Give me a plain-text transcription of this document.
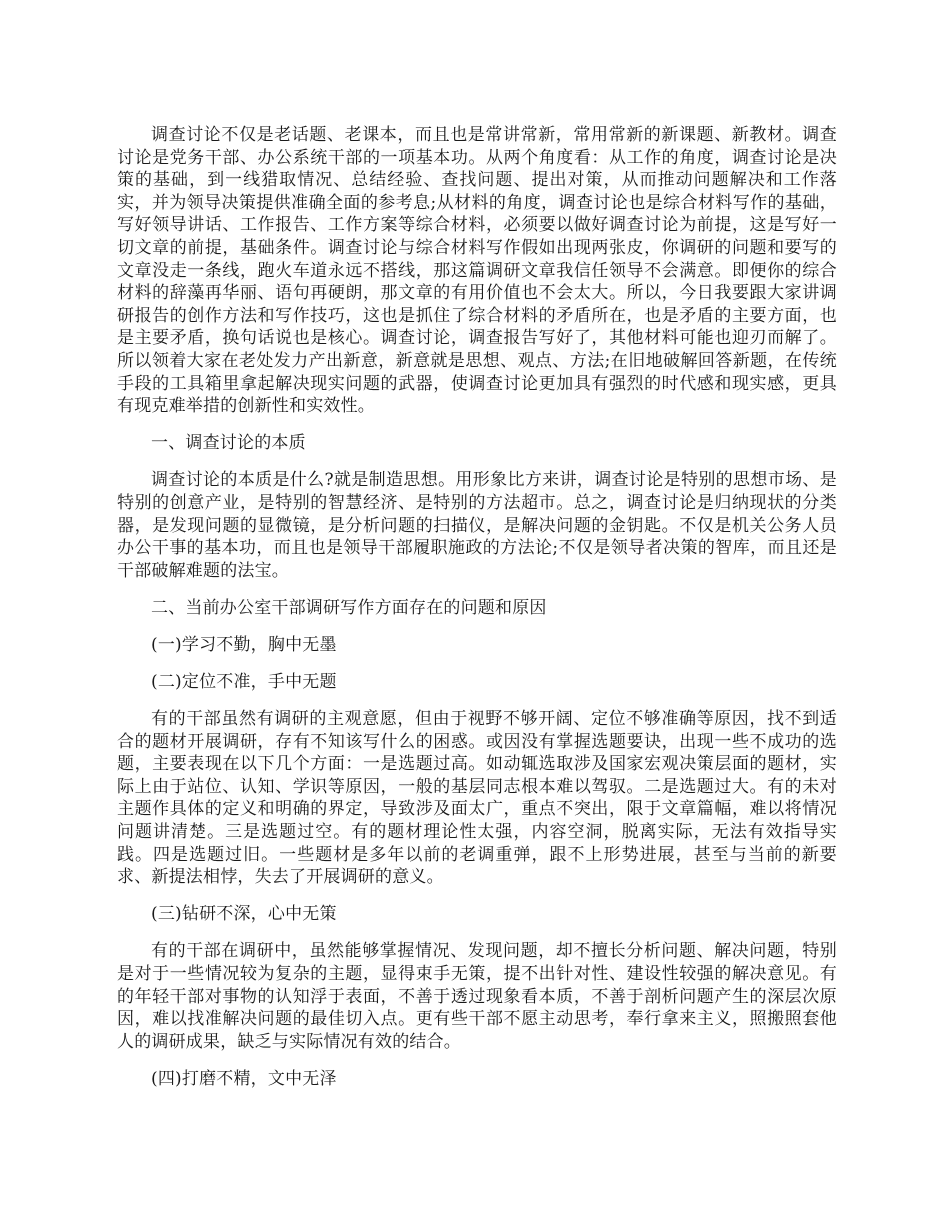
调查讨论不仅是老话题、老课本，而且也是常讲常新，常用常新的新课题、新教材。调查讨论是党务干部、办公系统干部的一项基本功。从两个角度看：从工作的角度，调查讨论是决策的基础，到一线猎取情况、总结经验、查找问题、提出对策，从而推动问题解决和工作落实，并为领导决策提供准确全面的参考息;从材料的角度，调查讨论也是综合材料写作的基础，写好领导讲话、工作报告、工作方案等综合材料，必须要以做好调查讨论为前提，这是写好一切文章的前提，基础条件。调查讨论与综合材料写作假如出现两张皮，你调研的问题和要写的文章没走一条线，跑火车道永远不搭线，那这篇调研文章我信任领导不会满意。即便你的综合材料的辞藻再华丽、语句再硬朗，那文章的有用价值也不会太大。所以，今日我要跟大家讲调研报告的创作方法和写作技巧，这也是抓住了综合材料的矛盾所在，也是矛盾的主要方面，也是主要矛盾，换句话说也是核心。调查讨论，调查报告写好了，其他材料可能也迎刃而解了。所以领着大家在老处发力产出新意，新意就是思想、观点、方法;在旧地破解回答新题，在传统手段的工具箱里拿起解决现实问题的武器，使调查讨论更加具有强烈的时代感和现实感，更具有现克难举措的创新性和实效性。

一、调查讨论的本质

调查讨论的本质是什么?就是制造思想。用形象比方来讲，调查讨论是特别的思想市场、是特别的创意产业，是特别的智慧经济、是特别的方法超市。总之，调查讨论是归纳现状的分类器，是发现问题的显微镜，是分析问题的扫描仪，是解决问题的金钥匙。不仅是机关公务人员办公干事的基本功，而且也是领导干部履职施政的方法论;不仅是领导者决策的智库，而且还是干部破解难题的法宝。

二、当前办公室干部调研写作方面存在的问题和原因

(一)学习不勤，胸中无墨

(二)定位不准，手中无题

有的干部虽然有调研的主观意愿，但由于视野不够开阔、定位不够准确等原因，找不到适合的题材开展调研，存有不知该写什么的困惑。或因没有掌握选题要诀，出现一些不成功的选题，主要表现在以下几个方面：一是选题过高。如动辄选取涉及国家宏观决策层面的题材，实际上由于站位、认知、学识等原因，一般的基层同志根本难以驾驭。二是选题过大。有的未对主题作具体的定义和明确的界定，导致涉及面太广，重点不突出，限于文章篇幅，难以将情况问题讲清楚。三是选题过空。有的题材理论性太强，内容空洞，脱离实际，无法有效指导实践。四是选题过旧。一些题材是多年以前的老调重弹，跟不上形势进展，甚至与当前的新要求、新提法相悖，失去了开展调研的意义。

(三)钻研不深，心中无策

有的干部在调研中，虽然能够掌握情况、发现问题，却不擅长分析问题、解决问题，特别是对于一些情况较为复杂的主题，显得束手无策，提不出针对性、建设性较强的解决意见。有的年轻干部对事物的认知浮于表面，不善于透过现象看本质，不善于剖析问题产生的深层次原因，难以找准解决问题的最佳切入点。更有些干部不愿主动思考，奉行拿来主义，照搬照套他人的调研成果，缺乏与实际情况有效的结合。

(四)打磨不精，文中无泽
